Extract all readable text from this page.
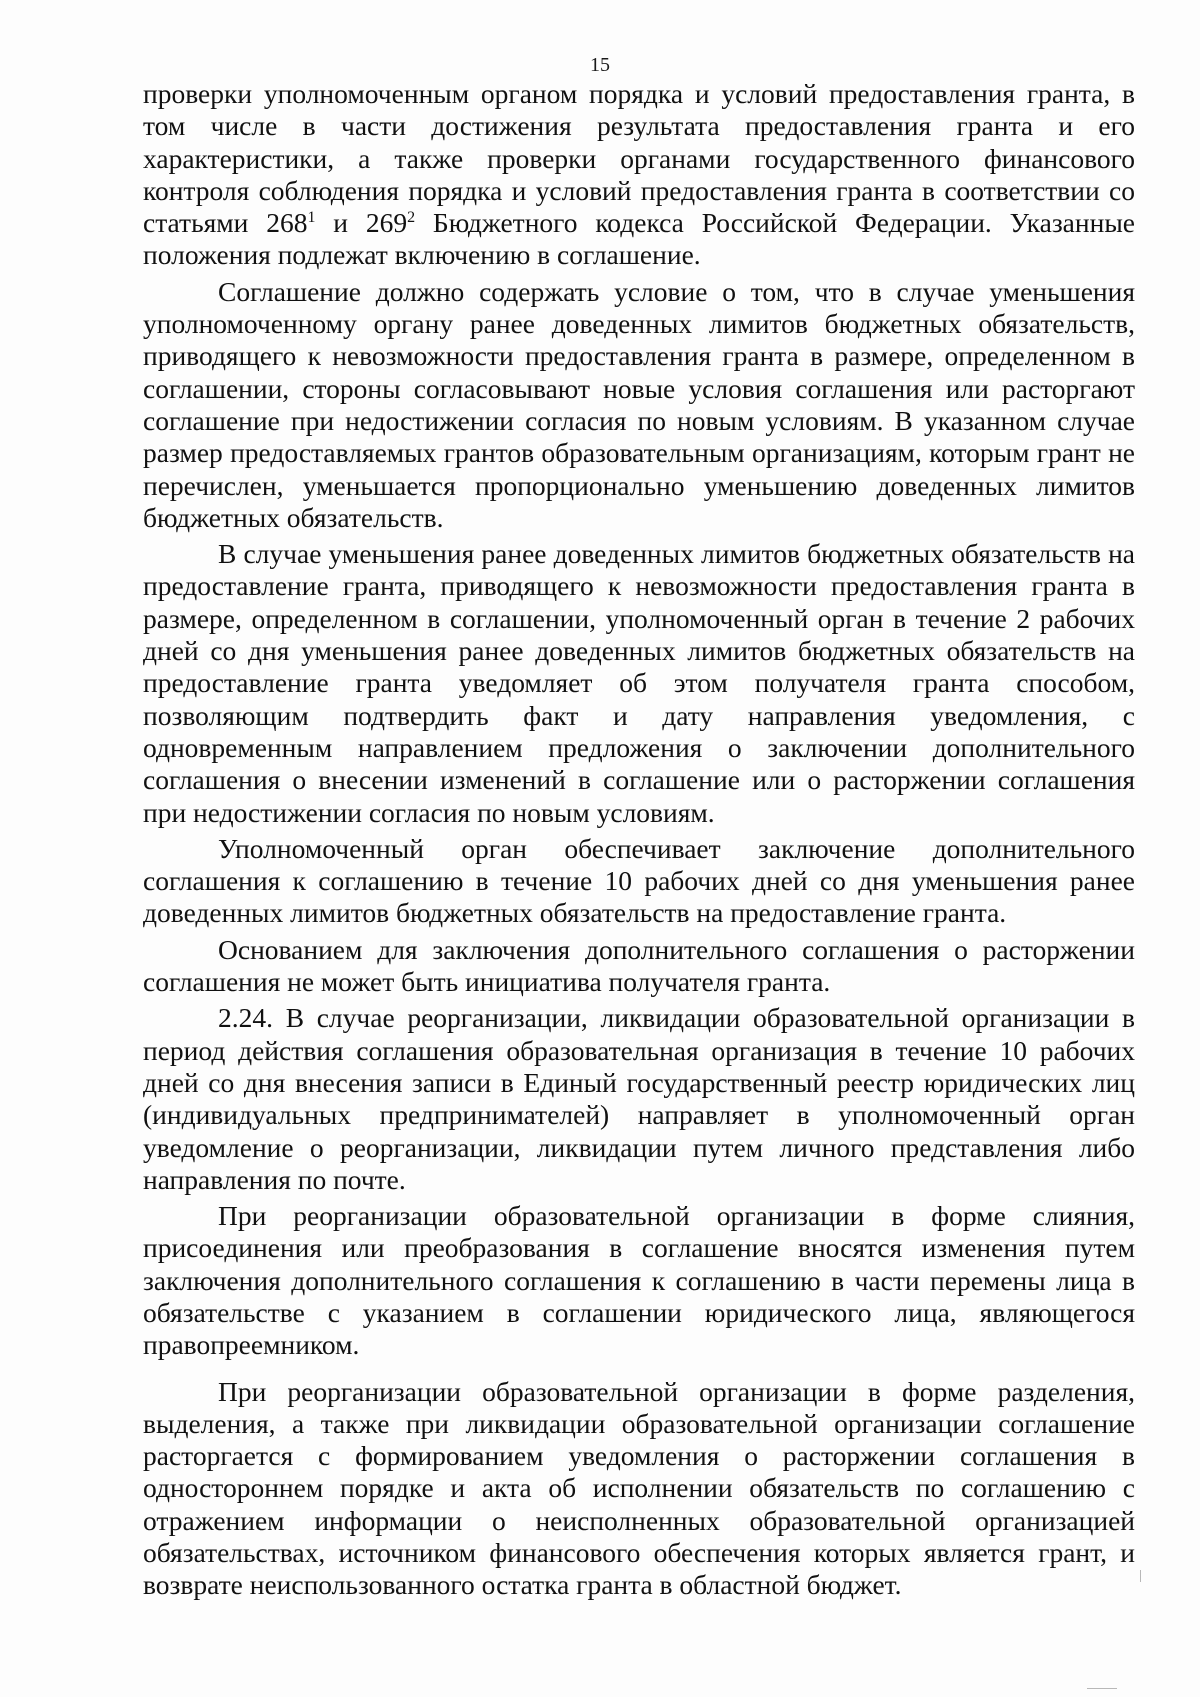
15

проверки уполномоченным органом порядка и условий предоставления гранта, в том числе в части достижения результата предоставления гранта и его характеристики, а также проверки органами государственного финансового контроля соблюдения порядка и условий предоставления гранта в соответствии со статьями $268^1$ и $269^2$ Бюджетного кодекса Российской Федерации. Указанные положения подлежат включению в соглашение.

Соглашение должно содержать условие о том, что в случае уменьшения уполномоченному органу ранее доведенных лимитов бюджетных обязательств, приводящего к невозможности предоставления гранта в размере, определенном в соглашении, стороны согласовывают новые условия соглашения или расторгают соглашение при недостижении согласия по новым условиям. В указанном случае размер предоставляемых грантов образовательным организациям, которым грант не перечислен, уменьшается пропорционально уменьшению доведенных лимитов бюджетных обязательств.

В случае уменьшения ранее доведенных лимитов бюджетных обязательств на предоставление гранта, приводящего к невозможности предоставления гранта в размере, определенном в соглашении, уполномоченный орган в течение 2 рабочих дней со дня уменьшения ранее доведенных лимитов бюджетных обязательств на предоставление гранта уведомляет об этом получателя гранта способом, позволяющим подтвердить факт и дату направления уведомления, с одновременным направлением предложения о заключении дополнительного соглашения о внесении изменений в соглашение или о расторжении соглашения при недостижении согласия по новым условиям.

Уполномоченный орган обеспечивает заключение дополнительного соглашения к соглашению в течение 10 рабочих дней со дня уменьшения ранее доведенных лимитов бюджетных обязательств на предоставление гранта.

Основанием для заключения дополнительного соглашения о расторжении соглашения не может быть инициатива получателя гранта.

2.24. В случае реорганизации, ликвидации образовательной организации в период действия соглашения образовательная организация в течение 10 рабочих дней со дня внесения записи в Единый государственный реестр юридических лиц (индивидуальных предпринимателей) направляет в уполномоченный орган уведомление о реорганизации, ликвидации путем личного представления либо направления по почте.

При реорганизации образовательной организации в форме слияния, присоединения или преобразования в соглашение вносятся изменения путем заключения дополнительного соглашения к соглашению в части перемены лица в обязательстве с указанием в соглашении юридического лица, являющегося правопреемником.

При реорганизации образовательной организации в форме разделения, выделения, а также при ликвидации образовательной организации соглашение расторгается с формированием уведомления о расторжении соглашения в одностороннем порядке и акта об исполнении обязательств по соглашению с отражением информации о неисполненных образовательной организацией обязательствах, источником финансового обеспечения которых является грант, и возврате неиспользованного остатка гранта в областной бюджет.
